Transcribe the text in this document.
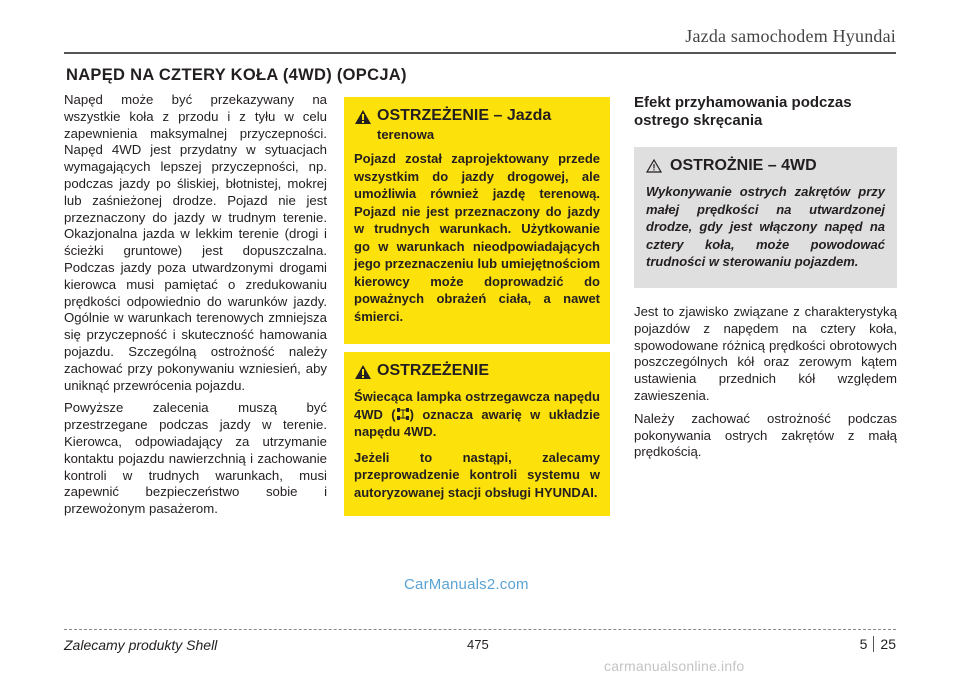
Jazda samochodem Hyundai
NAPĘD NA CZTERY KOŁA (4WD) (OPCJA)

Napęd może być przekazywany na wszystkie koła z przodu i z tyłu w celu zapewnienia maksymalnej przyczepności. Napęd 4WD jest przydatny w sytuacjach wymagających lepszej przyczepności, np. podczas jazdy po śliskiej, błotnistej, mokrej lub zaśnieżonej drodze. Pojazd nie jest przeznaczony do jazdy w trudnym terenie. Okazjonalna jazda w lekkim terenie (drogi i ścieżki gruntowe) jest dopuszczalna. Podczas jazdy poza utwardzonymi drogami kierowca musi pamiętać o zredukowaniu prędkości odpowiednio do warunków jazdy. Ogólnie w warunkach terenowych zmniejsza się przyczepność i skuteczność hamowania pojazdu. Szczególną ostrożność należy zachować przy pokonywaniu wzniesień, aby uniknąć przewrócenia pojazdu.

Powyższe zalecenia muszą być przestrzegane podczas jazdy w terenie. Kierowca, odpowiadający za utrzymanie kontaktu pojazdu nawierzchnią i zachowanie kontroli w trudnych warunkach, musi zapewnić bezpieczeństwo sobie i przewożonym pasażerom.

OSTRZEŻENIE – Jazda
terenowa

Pojazd został zaprojektowany przede wszystkim do jazdy drogowej, ale umożliwia również jazdę terenową. Pojazd nie jest przeznaczony do jazdy w trudnych warunkach. Użytkowanie go w warunkach nieodpowiadających jego przeznaczeniu lub umiejętnościom kierowcy może doprowadzić do poważnych obrażeń ciała, a nawet śmierci.

OSTRZEŻENIE

Świecąca lampka ostrzegawcza napędu 4WD ( ) oznacza awarię w układzie napędu 4WD.

Jeżeli to nastąpi, zalecamy przeprowadzenie kontroli systemu w autoryzowanej stacji obsługi HYUNDAI.

Efekt przyhamowania podczas
ostrego skręcania
OSTROŻNIE – 4WD

Wykonywanie ostrych zakrętów przy małej prędkości na utwardzonej drodze, gdy jest włączony napęd na cztery koła, może powodować trudności w sterowaniu pojazdem.

Jest to zjawisko związane z charakterystyką pojazdów z napędem na cztery koła, spowodowane różnicą prędkości obrotowych poszczególnych kół oraz zerowym kątem ustawienia przednich kół względem zawieszenia.

Należy zachować ostrożność podczas pokonywania ostrych zakrętów z małą prędkością.

CarManuals2.com
Zalecamy produkty Shell	475	5 25
carmanualsonline.info
